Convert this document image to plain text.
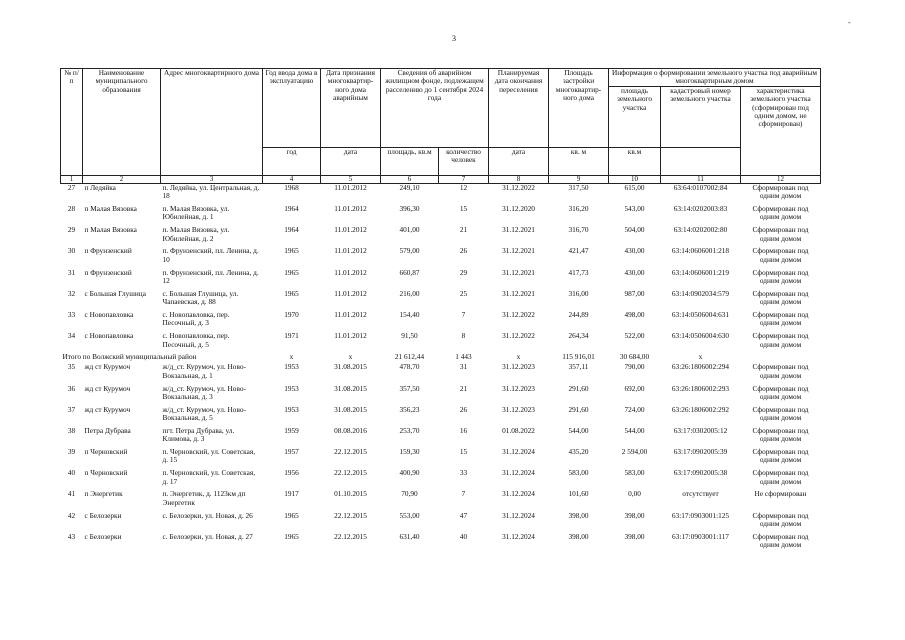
-
3
№ п/п	Наименование муниципального образования	Адрес многоквартирного дома	Год ввода дома в эксплуатацию	Дата признания многоквартир-ного дома аварийным	Сведения об аварийном жилищном фонде, подлежащем расселению до 1 сентября 2024 года		Планируемая дата окончания переселения	Площадь застройки многоквартир-ного дома	Информация о формировании земельного участка под аварийным многоквартирным домом		
									площадь земельного участка	кадастровый номер земельного участка	характеристика земельного участка (сформирован под одним домом, не сформирован)
			год	дата	площадь, кв.м	количество человек	дата	кв. м	кв.м		
1	2	3	4	5	6	7	8	9	10	11	12
27	п Ледяйка	п. Ледяйка, ул. Центральная, д. 18	1968	11.01.2012	249,10	12	31.12.2022	317,50	615,00	63:64:0107002:84	Сформирован под одним домом
28	п Малая Вязовка	п. Малая Вязовка, ул. Юбилейная, д. 1	1964	11.01.2012	396,30	15	31.12.2020	316,20	543,00	63:14:0202003:83	Сформирован под одним домом
29	п Малая Вязовка	п. Малая Вязовка, ул. Юбилейная, д. 2	1964	11.01.2012	401,00	21	31.12.2021	316,70	504,00	63:14:0202002:80	Сформирован под одним домом
30	п Фрунзенский	п. Фрунзенский, пл. Ленина, д. 10	1965	11.01.2012	579,00	26	31.12.2021	421,47	430,00	63:14:0606001:218	Сформирован под одним домом
31	п Фрунзенский	п. Фрунзенский, пл. Ленина, д. 12	1965	11.01.2012	660,87	29	31.12.2021	417,73	430,00	63:14:0606001:219	Сформирован под одним домом
32	с Большая Глушица	с. Большая Глушица, ул. Чапаевская, д. 88	1965	11.01.2012	216,00	25	31.12.2021	316,00	987,00	63:14:0902034:579	Сформирован под одним домом
33	с Новопавловка	с. Новопавловка, пер. Песочный, д. 3	1970	11.01.2012	154,40	7	31.12.2022	244,89	498,00	63:14:0506004:631	Сформирован под одним домом
34	с Новопавловка	с. Новопавловка, пер. Песочный, д. 5	1971	11.01.2012	91,50	8	31.12.2022	264,34	522,00	63:14:0506004:630	Сформирован под одним домом
Итого по Волжский муниципальный район			x	x	21 612,44	1 443	x	115 916,01	30 684,00	x	
35	жд ст Курумоч	ж/д_ст. Курумоч, ул. Ново-Вокзальная, д. 1	1953	31.08.2015	478,70	31	31.12.2023	357,11	790,00	63:26:1806002:294	Сформирован под одним домом
36	жд ст Курумоч	ж/д_ст. Курумоч, ул. Ново-Вокзальная, д. 3	1953	31.08.2015	357,50	21	31.12.2023	291,60	692,00	63:26:1806002:293	Сформирован под одним домом
37	жд ст Курумоч	ж/д_ст. Курумоч, ул. Ново-Вокзальная, д. 5	1953	31.08.2015	356,23	26	31.12.2023	291,60	724,00	63:26:1806002:292	Сформирован под одним домом
38	Петра Дубрава	пгт. Петра Дубрава, ул. Климова, д. 3	1959	08.08.2016	253,70	16	01.08.2022	544,00	544,00	63:17:0302005:12	Сформирован под одним домом
39	п Черновский	п. Черновский, ул. Советская, д. 15	1957	22.12.2015	159,30	15	31.12.2024	435,20	2 594,00	63:17:0902005:39	Сформирован под одним домом
40	п Черновский	п. Черновский, ул. Советская, д. 17	1956	22.12.2015	400,90	33	31.12.2024	583,00	583,00	63:17:0902005:38	Сформирован под одним домом
41	п Энергетик	п. Энергетик, д. 1123км дп Энергетик	1917	01.10.2015	70,90	7	31.12.2024	101,60	0,00	отсутствует	Не сформирован
42	с Белозерки	с. Белозерки, ул. Новая, д. 26	1965	22.12.2015	553,00	47	31.12.2024	398,00	398,00	63:17:0903001:125	Сформирован под одним домом
43	с Белозерки	с. Белозерки, ул. Новая, д. 27	1965	22.12.2015	631,40	40	31.12.2024	398,00	398,00	63:17:0903001:117	Сформирован под одним домом
